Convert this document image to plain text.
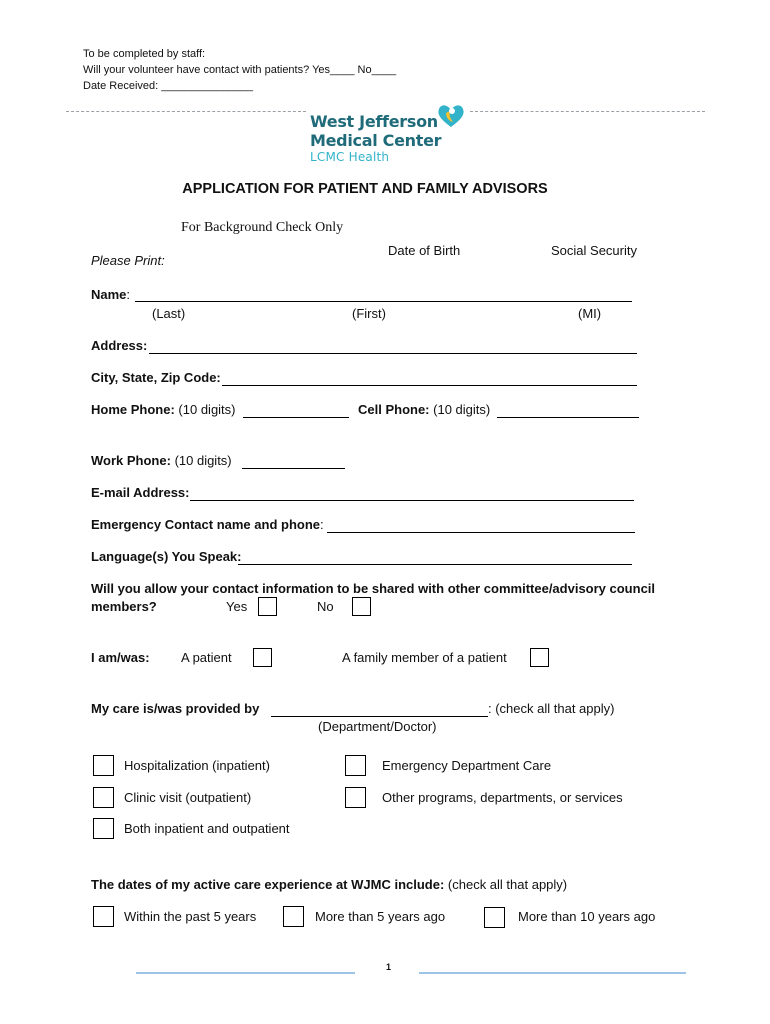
To be completed by staff:
Will your volunteer have contact with patients? Yes____ No____
Date Received: _______________
West Jefferson
Medical Center
LCMC Health
APPLICATION FOR PATIENT AND FAMILY ADVISORS
For Background Check Only
Please Print:
Date of Birth	Social Security
Name:
(Last)	(First)	(MI)
Address:
City, State, Zip Code:
Home Phone: (10 digits)	Cell Phone: (10 digits)
Work Phone: (10 digits)
E-mail Address:
Emergency Contact name and phone:
Language(s) You Speak:
Will you allow your contact information to be shared with other committee/advisory council
members?	Yes	No
I am/was: A patient	A family member of a patient
My care is/was provided by	: (check all that apply)
(Department/Doctor)
Hospitalization (inpatient)	Emergency Department Care
Clinic visit (outpatient)	Other programs, departments, or services
Both inpatient and outpatient
The dates of my active care experience at WJMC include: (check all that apply)
Within the past 5 years	More than 5 years ago	More than 10 years ago
1
